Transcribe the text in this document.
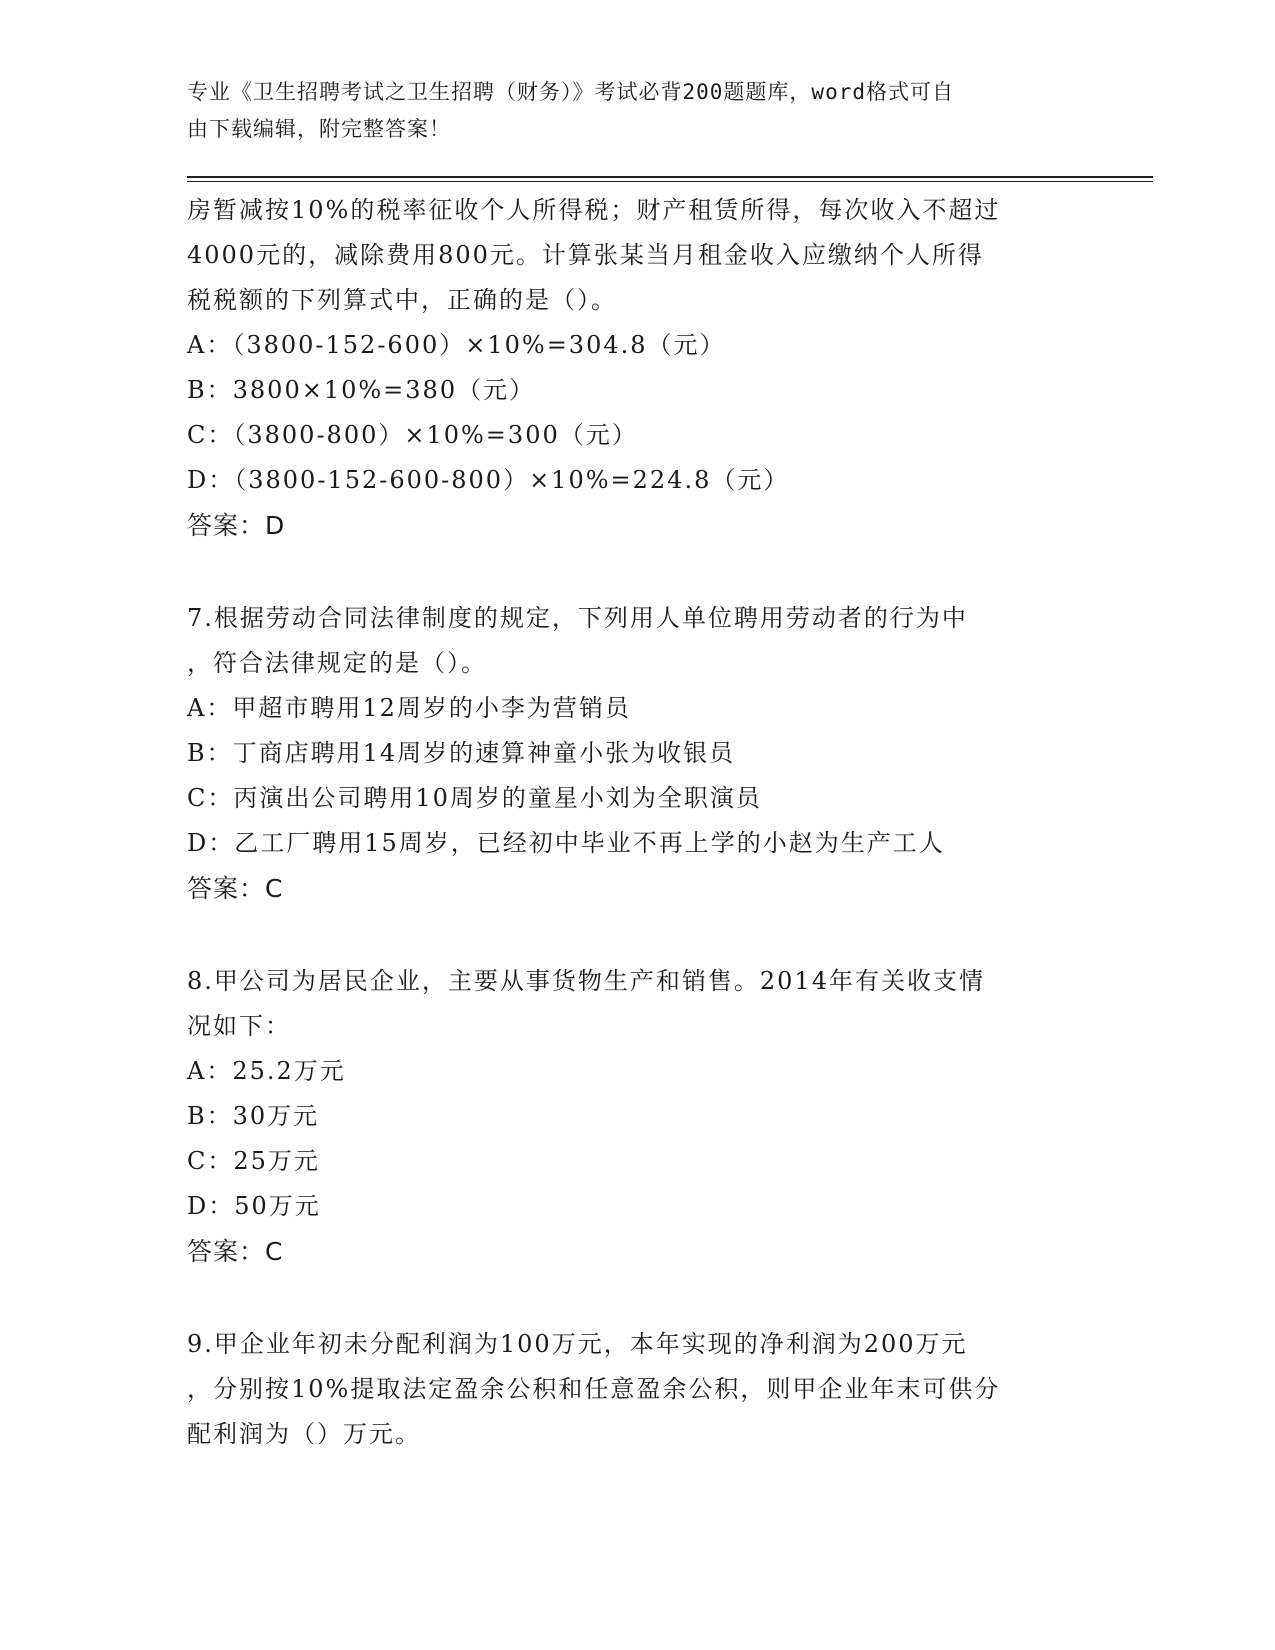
专业《卫生招聘考试之卫生招聘（财务）》考试必背200题题库，word格式可自
由下载编辑，附完整答案！
房暂减按10%的税率征收个人所得税；财产租赁所得，每次收入不超过
4000元的，减除费用800元。计算张某当月租金收入应缴纳个人所得
税税额的下列算式中，正确的是（）。
A：（3800-152-600）×10%=304.8（元）
B：3800×10%=380（元）
C：（3800-800）×10%=300（元）
D：（3800-152-600-800）×10%=224.8（元）
答案：D
7.根据劳动合同法律制度的规定，下列用人单位聘用劳动者的行为中
，符合法律规定的是（）。
A：甲超市聘用12周岁的小李为营销员
B：丁商店聘用14周岁的速算神童小张为收银员
C：丙演出公司聘用10周岁的童星小刘为全职演员
D：乙工厂聘用15周岁，已经初中毕业不再上学的小赵为生产工人
答案：C
8.甲公司为居民企业，主要从事货物生产和销售。2014年有关收支情
况如下：
A：25.2万元
B：30万元
C：25万元
D：50万元
答案：C
9.甲企业年初未分配利润为100万元，本年实现的净利润为200万元
，分别按10%提取法定盈余公积和任意盈余公积，则甲企业年末可供分
配利润为（）万元。
